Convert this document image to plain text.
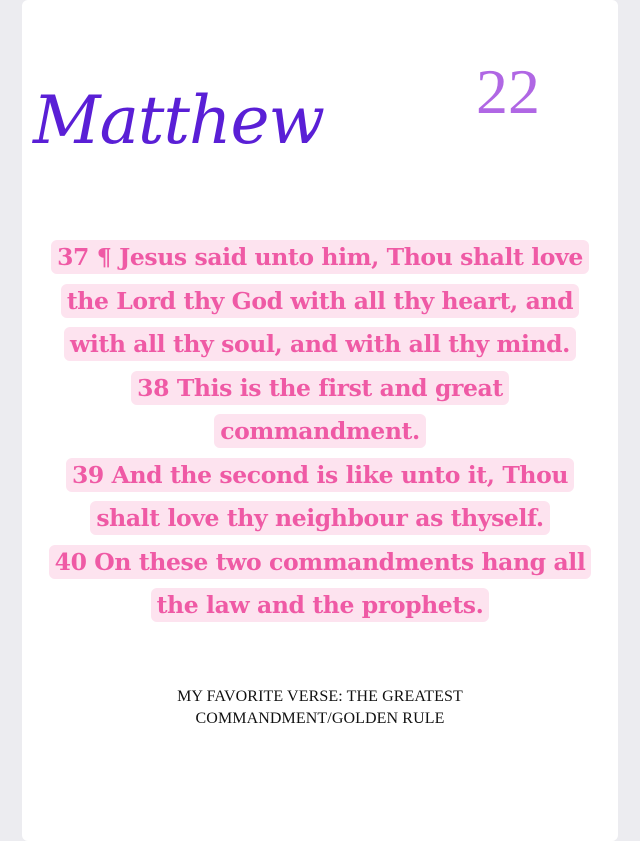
Matthew 22
37 ¶ Jesus said unto him, Thou shalt love
the Lord thy God with all thy heart, and
with all thy soul, and with all thy mind.
38 This is the first and great
commandment.
39 And the second is like unto it, Thou
shalt love thy neighbour as thyself.
40 On these two commandments hang all
the law and the prophets.
MY FAVORITE VERSE: THE GREATEST
COMMANDMENT/GOLDEN RULE
